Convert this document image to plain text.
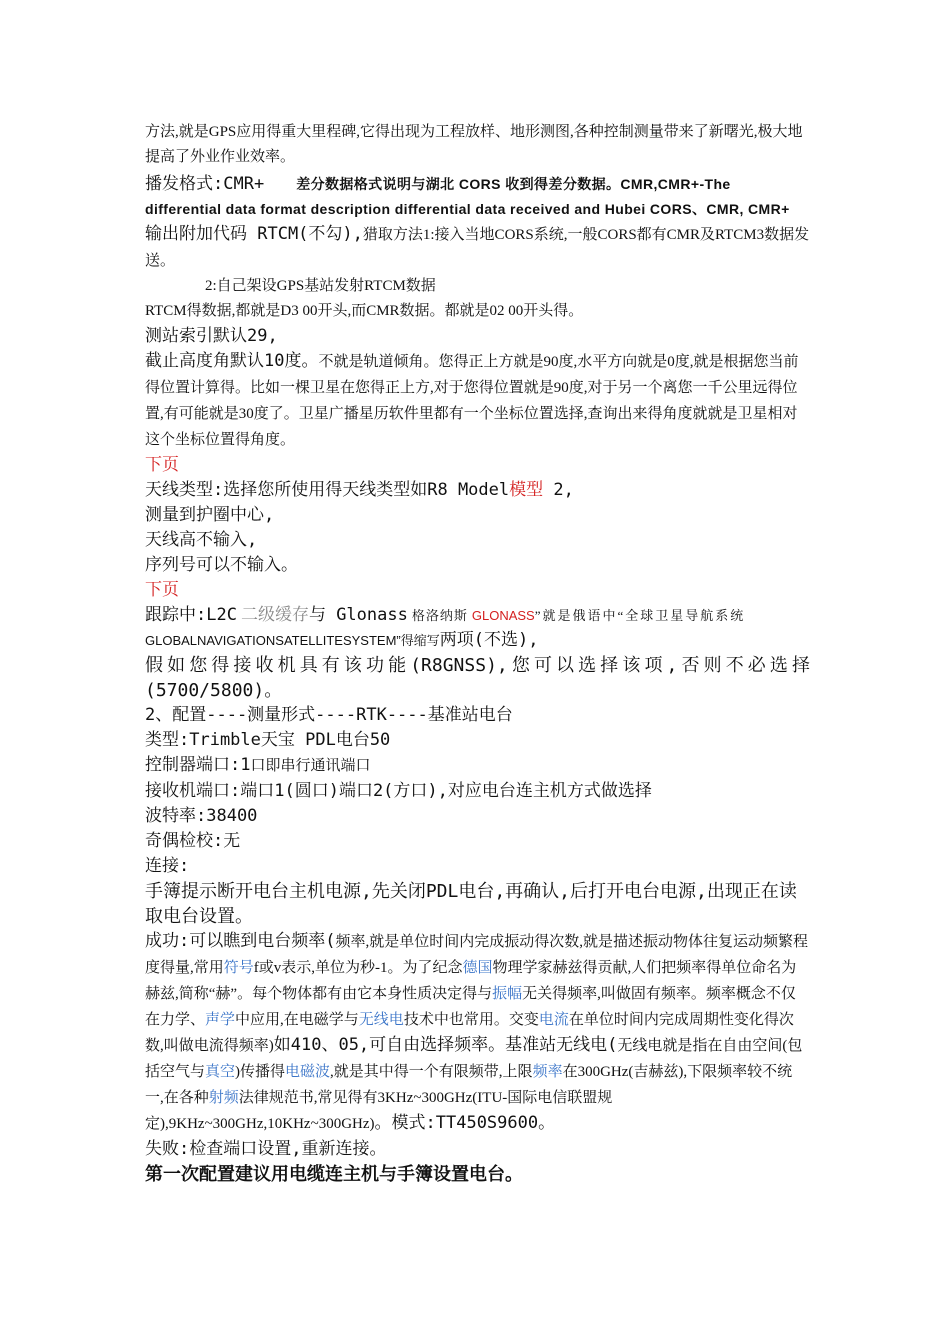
方法,就是GPS应用得重大里程碑,它得出现为工程放样、地形测图,各种控制测量带来了新曙光,极大地提高了外业作业效率。

播发格式:CMR+ 差分数据格式说明与湖北 CORS 收到得差分数据。CMR,CMR+-The differential data format description differential data received and Hubei CORS、CMR, CMR+

输出附加代码 RTCM(不勾),猎取方法1:接入当地CORS系统,一般CORS都有CMR及RTCM3数据发送。

2:自己架设GPS基站发射RTCM数据

RTCM得数据,都就是D3 00开头,而CMR数据。都就是02 00开头得。

测站索引默认29,

截止高度角默认10度。不就是轨道倾角。您得正上方就是90度,水平方向就是0度,就是根据您当前得位置计算得。比如一棵卫星在您得正上方,对于您得位置就是90度,对于另一个离您一千公里远得位置,有可能就是30度了。卫星广播星历软件里都有一个坐标位置选择,查询出来得角度就就是卫星相对这个坐标位置得角度。

下页

天线类型:选择您所使用得天线类型如R8 Model模型 2,

测量到护圈中心,

天线高不输入,

序列号可以不输入。

下页

跟踪中:L2C 二级缓存与 Glonass 格洛纳斯 GLONASS”就是俄语中“全球卫星导航系统
GLOBALNAVIGATIONSATELLITESYSTEM”得缩写两项(不选),

假如您得接收机具有该功能(R8GNSS),您可以选择该项,否则不必选择(5700/5800)。

2、配置----测量形式----RTK----基准站电台

类型:Trimble天宝 PDL电台50

控制器端口:1口即串行通讯端口

接收机端口:端口1(圆口)端口2(方口),对应电台连主机方式做选择

波特率:38400

奇偶检校:无

连接:

手簿提示断开电台主机电源,先关闭PDL电台,再确认,后打开电台电源,出现正在读取电台设置。

成功:可以瞧到电台频率(频率,就是单位时间内完成振动得次数,就是描述振动物体往复运动频繁程度得量,常用符号f或v表示,单位为秒-1。为了纪念德国物理学家赫兹得贡献,人们把频率得单位命名为赫兹,简称“赫”。每个物体都有由它本身性质决定得与振幅无关得频率,叫做固有频率。频率概念不仅在力学、声学中应用,在电磁学与无线电技术中也常用。交变电流在单位时间内完成周期性变化得次数,叫做电流得频率)如410、05,可自由选择频率。基准站无线电(无线电就是指在自由空间(包括空气与真空)传播得电磁波,就是其中得一个有限频带,上限频率在300GHz(吉赫兹),下限频率较不统一,在各种射频法律规范书,常见得有3KHz~300GHz(ITU-国际电信联盟规定),9KHz~300GHz,10KHz~300GHz)。模式:TT450S9600。

失败:检查端口设置,重新连接。

第一次配置建议用电缆连主机与手簿设置电台。
